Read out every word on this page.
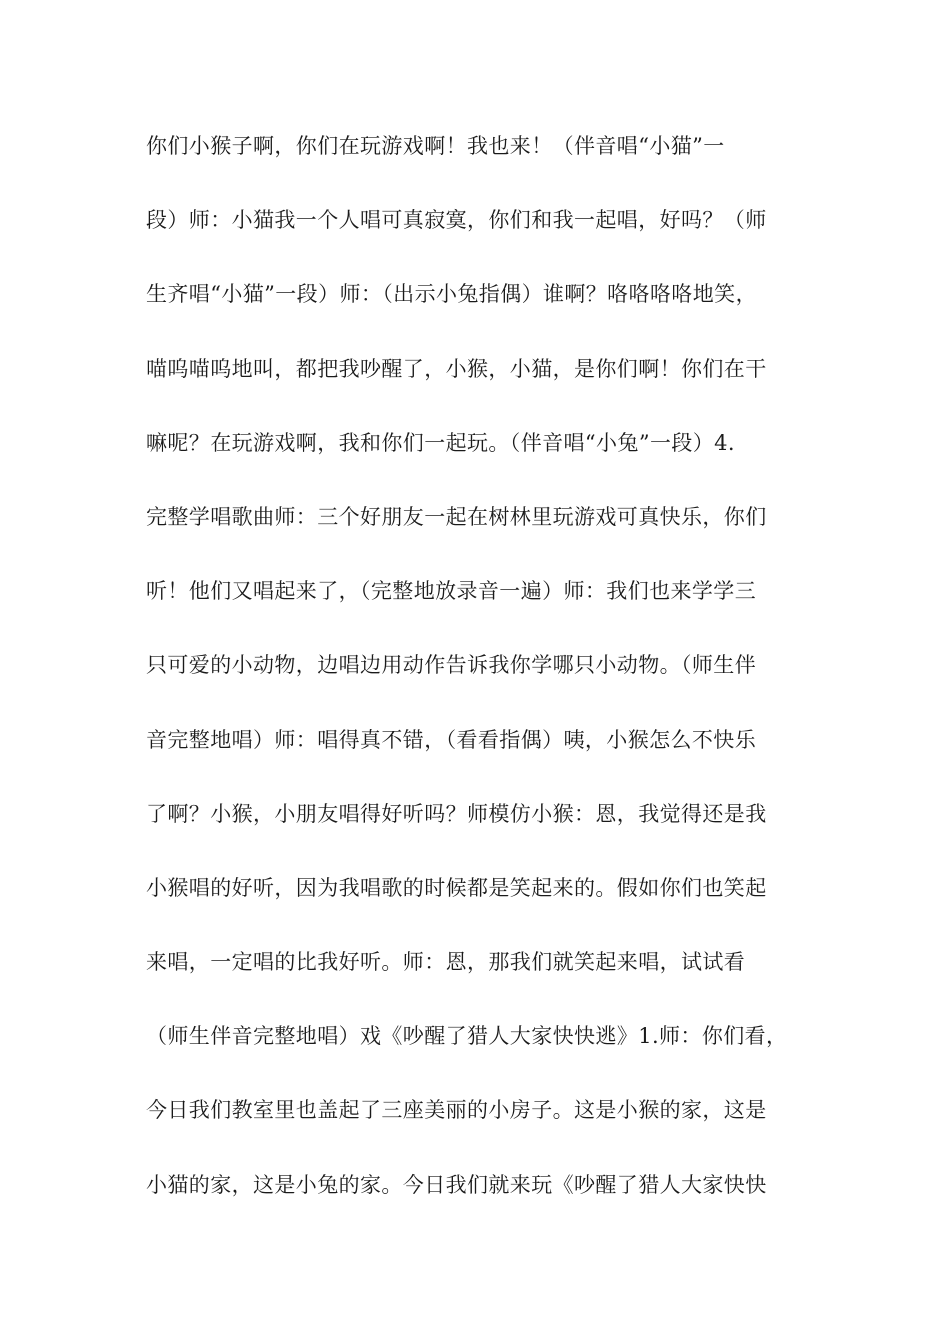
你们小猴子啊，你们在玩游戏啊！我也来！（伴音唱“小猫”一
段）师：小猫我一个人唱可真寂寞，你们和我一起唱，好吗？（师
生齐唱“小猫”一段）师：（出示小兔指偶）谁啊？咯咯咯咯地笑，
喵呜喵呜地叫，都把我吵醒了，小猴，小猫，是你们啊！你们在干
嘛呢？在玩游戏啊，我和你们一起玩。（伴音唱“小兔”一段）4.
完整学唱歌曲师：三个好朋友一起在树林里玩游戏可真快乐，你们
听！他们又唱起来了，（完整地放录音一遍）师：我们也来学学三
只可爱的小动物，边唱边用动作告诉我你学哪只小动物。（师生伴
音完整地唱）师：唱得真不错，（看看指偶）咦，小猴怎么不快乐
了啊？小猴，小朋友唱得好听吗？师模仿小猴：恩，我觉得还是我
小猴唱的好听，因为我唱歌的时候都是笑起来的。假如你们也笑起
来唱，一定唱的比我好听。师：恩，那我们就笑起来唱，试试看
（师生伴音完整地唱）戏《吵醒了猎人大家快快逃》1.师：你们看，
今日我们教室里也盖起了三座美丽的小房子。这是小猴的家，这是
小猫的家，这是小兔的家。今日我们就来玩《吵醒了猎人大家快快
